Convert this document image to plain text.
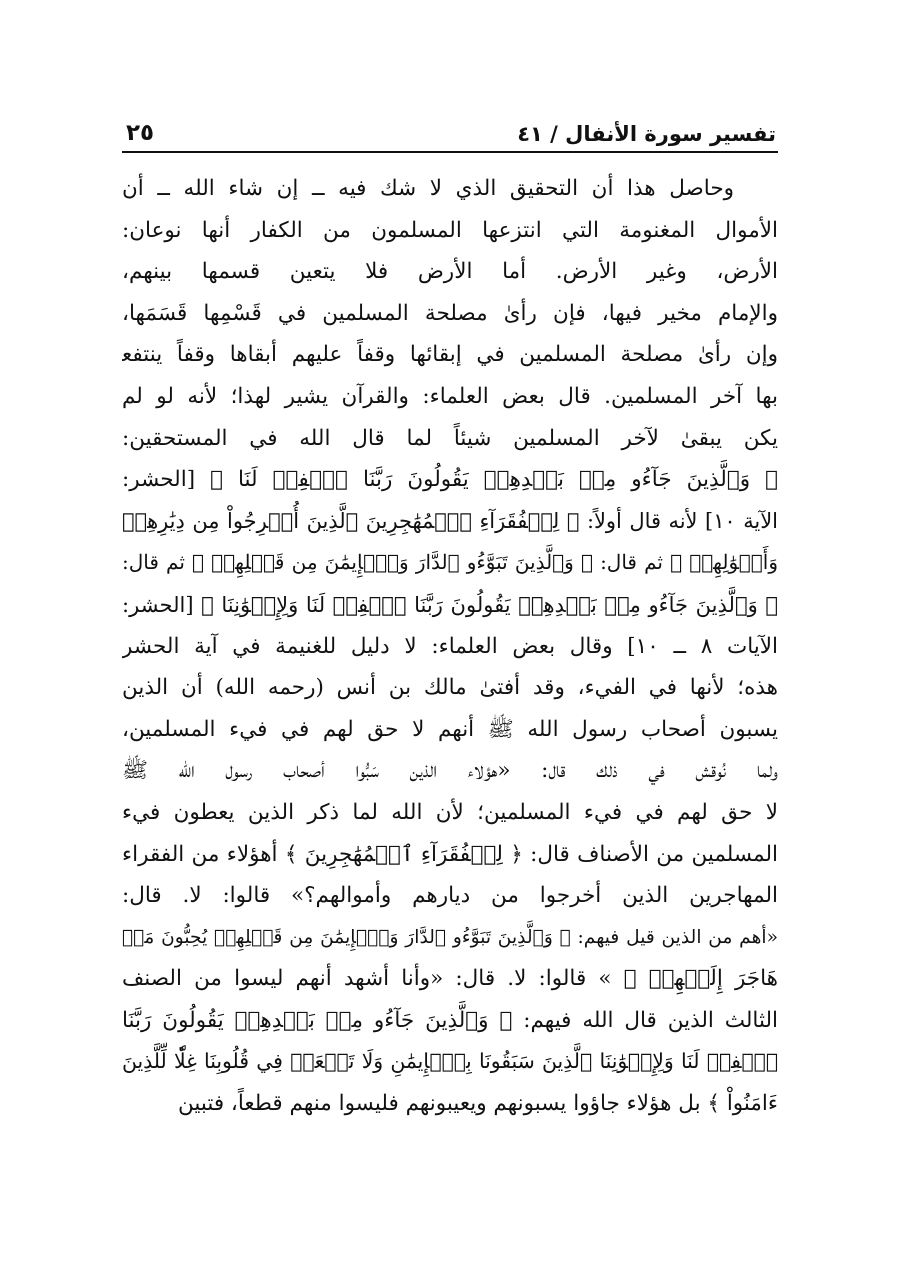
تفسير سورة الأنفال / ٤١
٢٥
وحاصل هذا أن التحقيق الذي لا شك فيه ــ إن شاء الله ــ أن
الأموال المغنومة التي انتزعها المسلمون من الكفار أنها نوعان:
الأرض، وغير الأرض. أما الأرض فلا يتعين قسمها بينهم،
والإمام مخير فيها، فإن رأىٰ مصلحة المسلمين في قَسْمِها قَسَمَها،
وإن رأىٰ مصلحة المسلمين في إبقائها وقفاً عليهم أبقاها وقفاً ينتفع
بها آخر المسلمين. قال بعض العلماء: والقرآن يشير لهذا؛ لأنه لو لم
يكن يبقىٰ لآخر المسلمين شيئاً لما قال الله في المستحقين:
﴿ وَٱلَّذِينَ جَآءُو مِنۢ بَعۡدِهِمۡ يَقُولُونَ رَبَّنَا ٱغۡفِرۡ لَنَا ﴾ [الحشر:
الآية ١٠] لأنه قال أولاً: ﴿ لِلۡفُقَرَآءِ ٱلۡمُهَٰجِرِينَ ٱلَّذِينَ أُخۡرِجُواْ مِن دِيَٰرِهِمۡ
وَأَمۡوَٰلِهِمۡ ﴾ ثم قال: ﴿ وَٱلَّذِينَ تَبَوَّءُو ٱلدَّارَ وَٱلۡإِيمَٰنَ مِن قَبۡلِهِمۡ ﴾ ثم قال:
﴿ وَٱلَّذِينَ جَآءُو مِنۢ بَعۡدِهِمۡ يَقُولُونَ رَبَّنَا ٱغۡفِرۡ لَنَا وَلِإِخۡوَٰنِنَا ﴾ [الحشر:
الآيات ٨ ــ ١٠] وقال بعض العلماء: لا دليل للغنيمة في آية الحشر
هذه؛ لأنها في الفيء، وقد أفتىٰ مالك بن أنس (رحمه الله) أن الذين
يسبون أصحاب رسول الله ﷺ أنهم لا حق لهم في فيء المسلمين،
ولما نُوقش في ذلك قال: «هؤلاء الذين سَبُّوا أصحاب رسول الله ﷺ
لا حق لهم في فيء المسلمين؛ لأن الله لما ذكر الذين يعطون فيء
المسلمين من الأصناف قال: ﴿ لِلۡفُقَرَآءِ ٱلۡمُهَٰجِرِينَ ﴾ أهؤلاء من الفقراء
المهاجرين الذين أخرجوا من ديارهم وأموالهم؟» قالوا: لا. قال:
«أهم من الذين قيل فيهم: ﴿ وَٱلَّذِينَ تَبَوَّءُو ٱلدَّارَ وَٱلۡإِيمَٰنَ مِن قَبۡلِهِمۡ يُحِبُّونَ مَنۡ
هَاجَرَ إِلَيۡهِمۡ ﴾ » قالوا: لا. قال: «وأنا أشهد أنهم ليسوا من الصنف
الثالث الذين قال الله فيهم: ﴿ وَٱلَّذِينَ جَآءُو مِنۢ بَعۡدِهِمۡ يَقُولُونَ رَبَّنَا
ٱغۡفِرۡ لَنَا وَلِإِخۡوَٰنِنَا ٱلَّذِينَ سَبَقُونَا بِٱلۡإِيمَٰنِ وَلَا تَجۡعَلۡ فِي قُلُوبِنَا غِلّٗا لِّلَّذِينَ
ءَامَنُواْ ﴾ بل هؤلاء جاؤوا يسبونهم ويعيبونهم فليسوا منهم قطعاً، فتبين
